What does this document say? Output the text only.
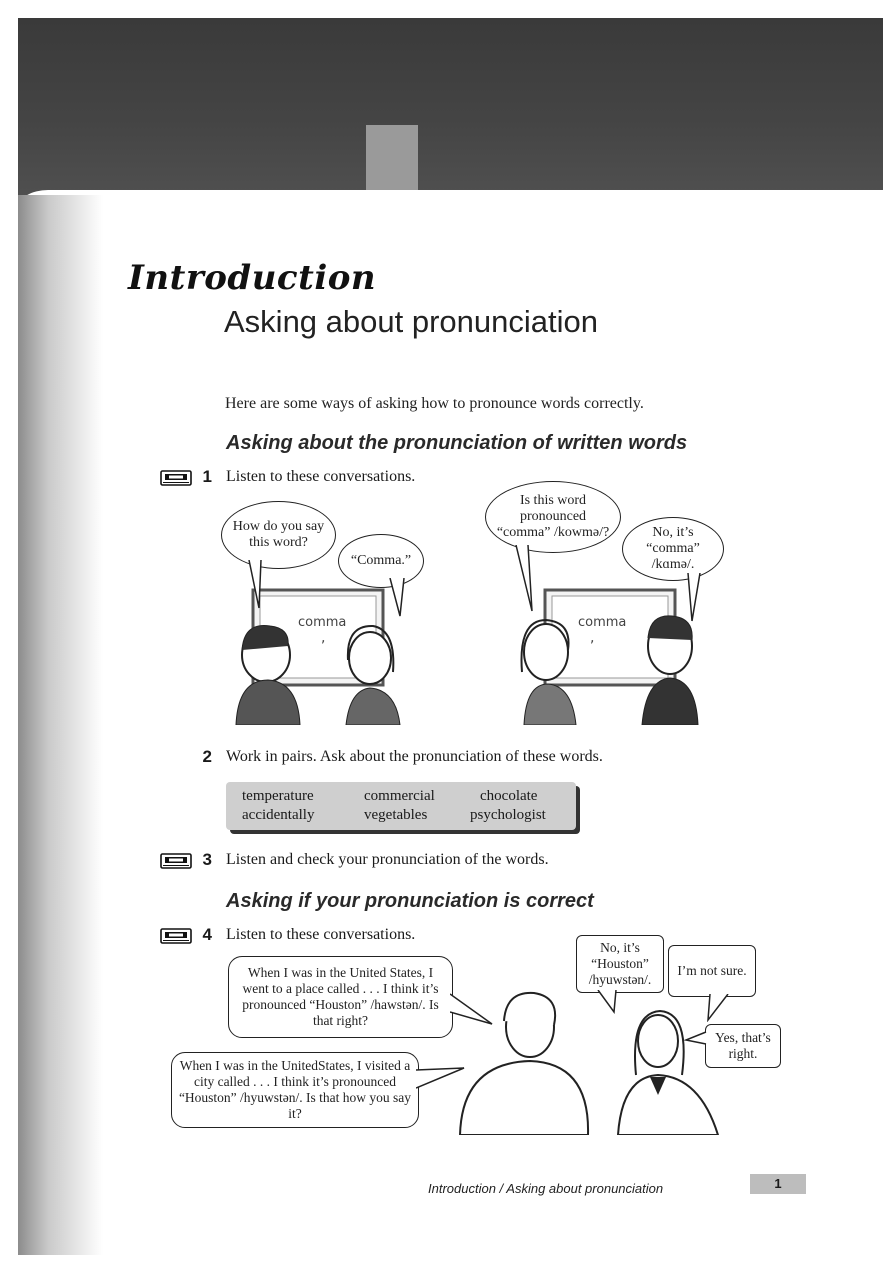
Introduction
Asking about pronunciation
Here are some ways of asking how to pronounce words correctly.
Asking about the pronunciation of written words
1 Listen to these conversations.
comma
,
How do you say this word?
“Comma.”
comma
,
Is this word pronounced “comma” /kowmə/?	No, it’s “comma” /kɑmə/.
2 Work in pairs. Ask about the pronunciation of these words.
temperature	commercial	chocolate
accidentally	vegetables	psychologist
3 Listen and check your pronunciation of the words.
Asking if your pronunciation is correct
4 Listen to these conversations.
When I was in the United States, I went to a place called . . . I think it’s pronounced “Houston” /hawstən/. Is that right?
When I was in the UnitedStates, I visited a city called . . . I think it’s pronounced “Houston” /hyuwstən/. Is that how you say it?
No, it’s “Houston” /hyuwstən/.
I’m not sure.
Yes, that’s right.
Introduction / Asking about pronunciation	1
